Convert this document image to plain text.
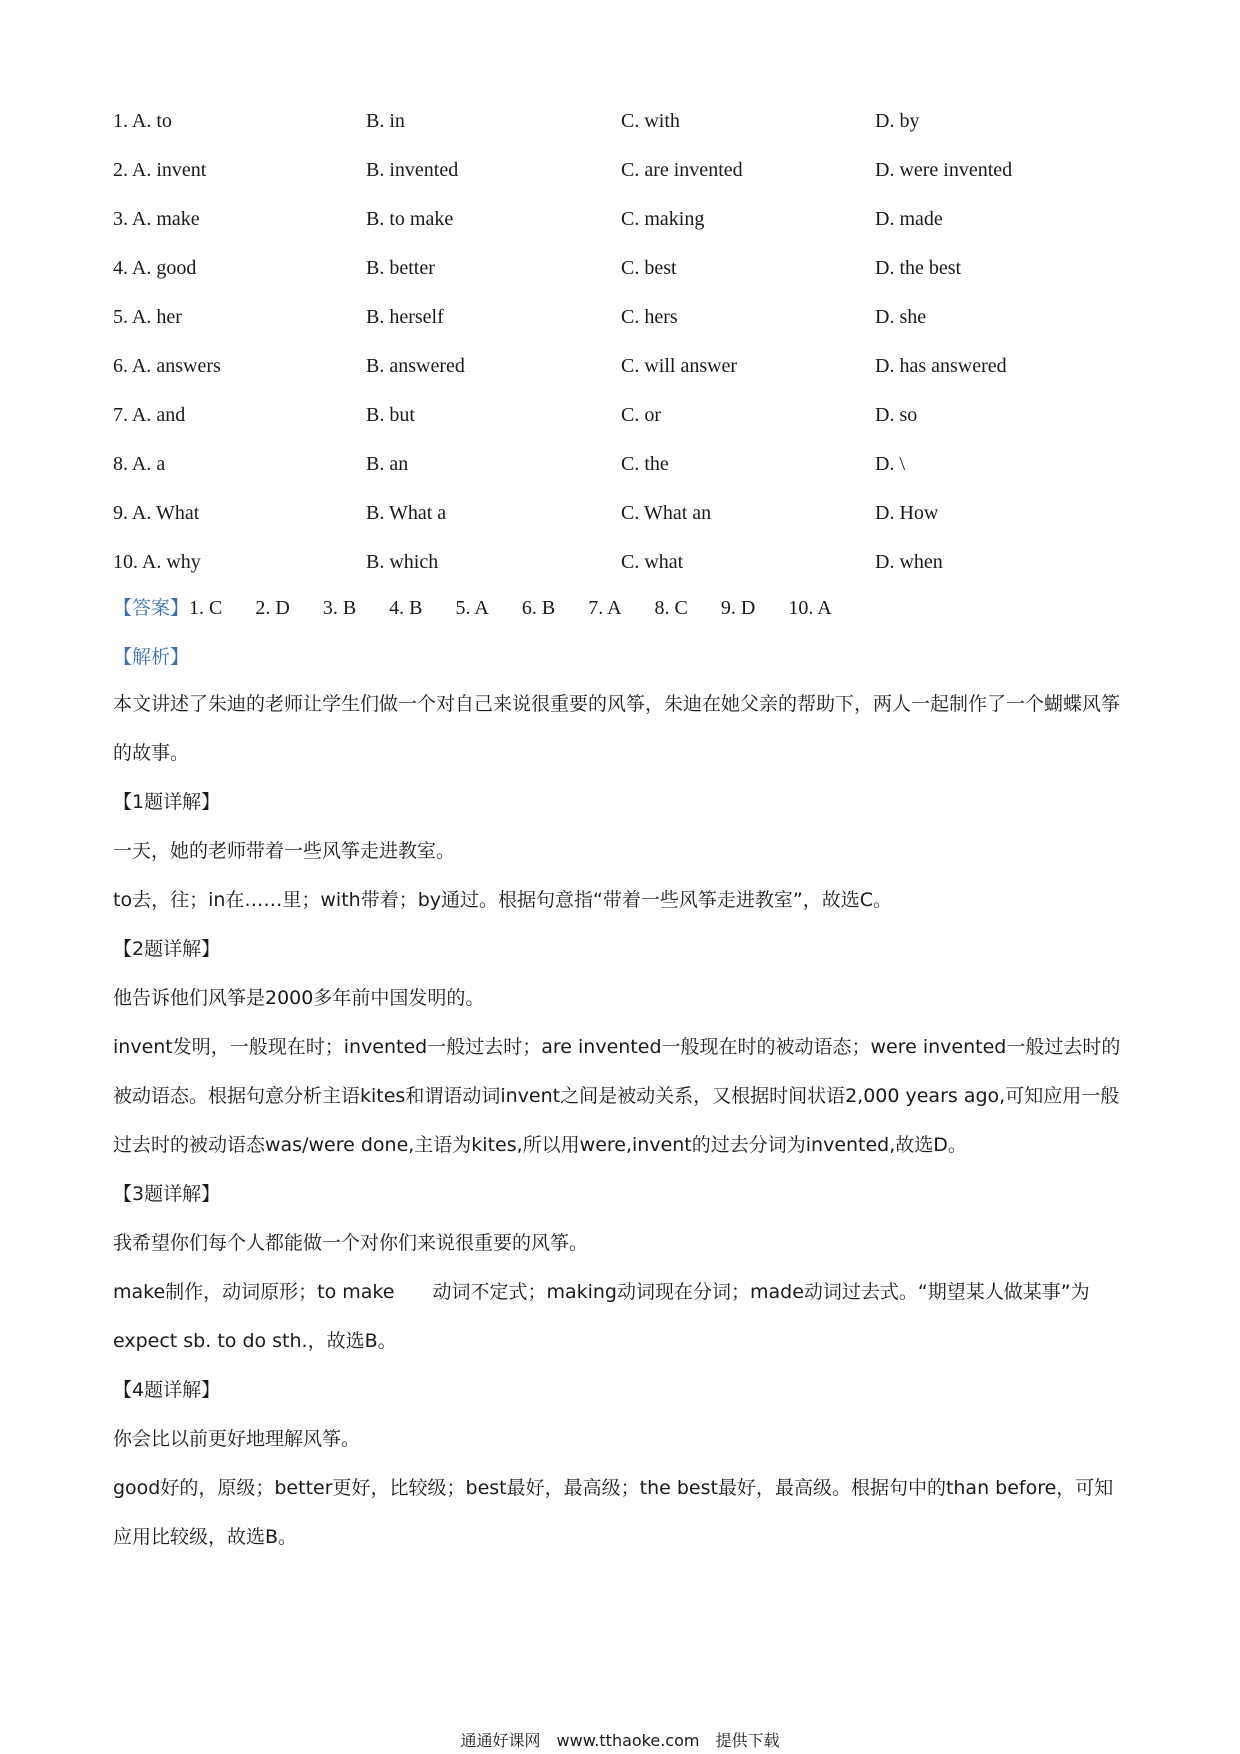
1. A. to	B. in	C. with	D. by
2. A. invent	B. invented	C. are invented	D. were invented
3. A. make	B. to make	C. making	D. made
4. A. good	B. better	C. best	D. the best
5. A. her	B. herself	C. hers	D. she
6. A. answers	B. answered	C. will answer	D. has answered
7. A. and	B. but	C. or	D. so
8. A. a	B. an	C. the	D. \
9. A. What	B. What a	C. What an	D. How
10. A. why	B. which	C. what	D. when
【答案】1. C 2. D 3. B 4. B 5. A 6. B 7. A 8. C 9. D 10. A
【解析】
本文讲述了朱迪的老师让学生们做一个对自己来说很重要的风筝，朱迪在她父亲的帮助下，两人一起制作了一个蝴蝶风筝的故事。
【1题详解】
一天，她的老师带着一些风筝走进教室。
to去，往；in在……里；with带着；by通过。根据句意指“带着一些风筝走进教室”，故选C。
【2题详解】
他告诉他们风筝是2000多年前中国发明的。
invent发明，一般现在时；invented一般过去时；are invented一般现在时的被动语态；were invented一般过去时的被动语态。根据句意分析主语kites和谓语动词invent之间是被动关系，又根据时间状语2,000 years ago,可知应用一般过去时的被动语态was/were done,主语为kites,所以用were,invent的过去分词为invented,故选D。
【3题详解】
我希望你们每个人都能做一个对你们来说很重要的风筝。
make制作，动词原形；to make　　动词不定式；making动词现在分词；made动词过去式。“期望某人做某事”为expect sb. to do sth.，故选B。
【4题详解】
你会比以前更好地理解风筝。
good好的，原级；better更好，比较级；best最好，最高级；the best最好，最高级。根据句中的than before，可知应用比较级，故选B。
通通好课网　www.tthaoke.com　提供下载
